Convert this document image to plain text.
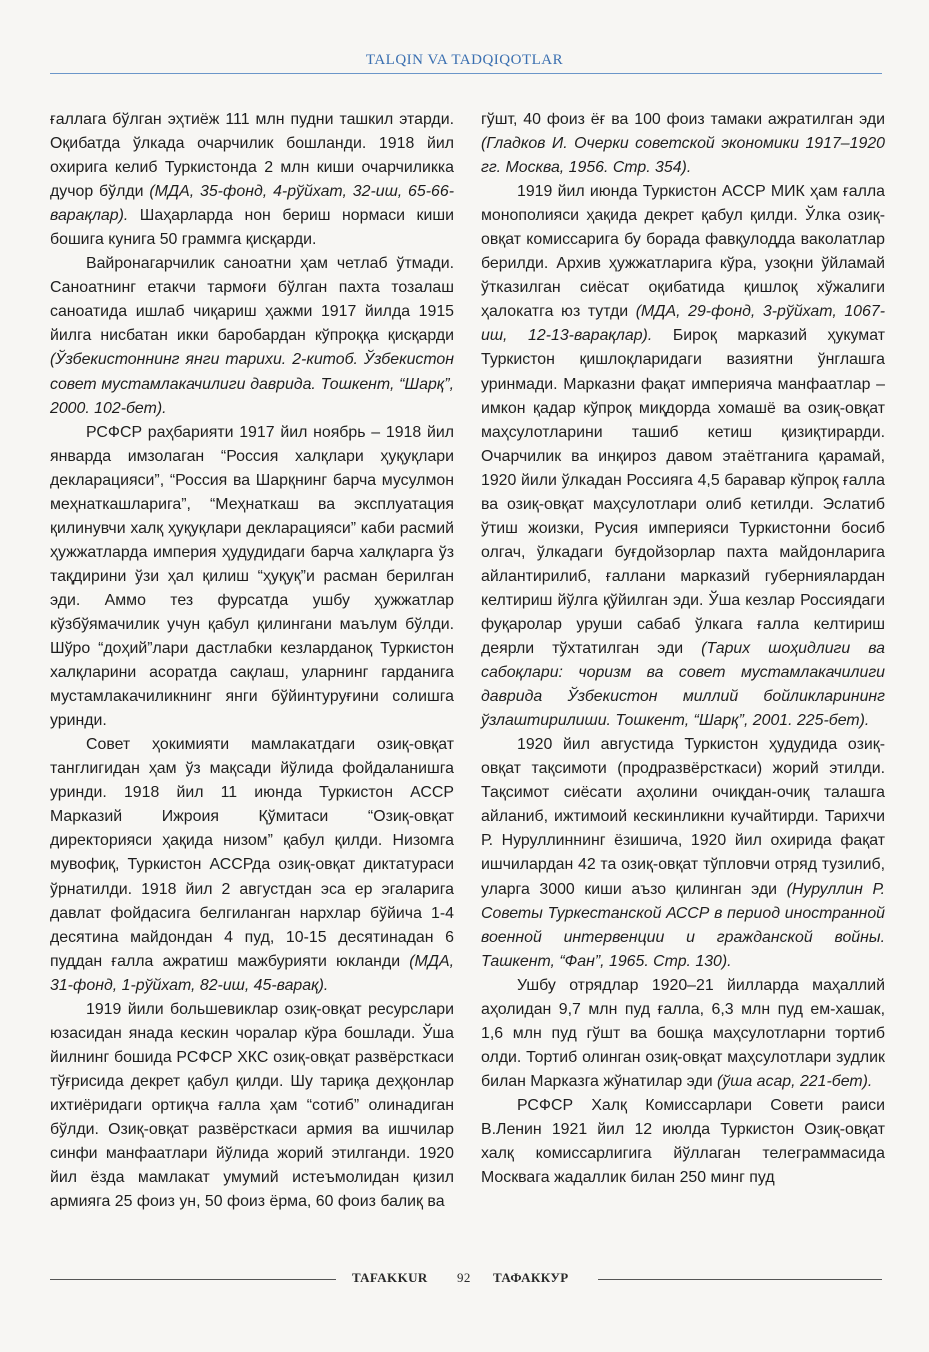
TALQIN VA TADQIQOTLAR

ғаллага бўлган эҳтиёж 111 млн пудни ташкил этарди. Оқибатда ўлкада очарчилик бошланди. 1918 йил охирига келиб Туркистонда 2 млн киши очарчиликка дучор бўлди (МДА, 35-фонд, 4-рўйхат, 32-иш, 65-66-варақлар). Шаҳарларда нон бериш нормаси киши бошига кунига 50 граммга қисқарди.

Вайронагарчилик саноатни ҳам четлаб ўтмади. Саноатнинг етакчи тармоғи бўлган пахта тозалаш саноатида ишлаб чиқариш ҳажми 1917 йилда 1915 йилга нисбатан икки баробардан кўпроққа қисқарди (Ўзбекистоннинг янги тарихи. 2-китоб. Ўзбекистон совет мустамлакачилиги даврида. Тошкент, “Шарқ”, 2000. 102-бет).

РСФСР раҳбарияти 1917 йил ноябрь – 1918 йил январда имзолаган “Россия халқлари ҳуқуқлари декларацияси”, “Россия ва Шарқнинг барча мусулмон меҳнаткашларига”, “Меҳнаткаш ва эксплуатация қилинувчи халқ ҳуқуқлари декларацияси” каби расмий ҳужжатларда империя ҳудудидаги барча халқларга ўз тақдирини ўзи ҳал қилиш “ҳуқуқ”и расман берилган эди. Аммо тез фурсатда ушбу ҳужжатлар кўзбўямачилик учун қабул қилингани маълум бўлди. Шўро “доҳий”лари дастлабки кезларданоқ Туркистон халқларини асоратда сақлаш, уларнинг гарданига мустамлакачиликнинг янги бўйинтуруғини солишга уринди.

Совет ҳокимияти мамлакатдаги озиқ-овқат танглигидан ҳам ўз мақсади йўлида фойдаланишга уринди. 1918 йил 11 июнда Туркистон АССР Марказий Ижроия Қўмитаси “Озиқ-овқат директорияси ҳақида низом” қабул қилди. Низомга мувофиқ, Туркистон АССРда озиқ-овқат диктатураси ўрнатилди. 1918 йил 2 августдан эса ер эгаларига давлат фойдасига белгиланган нархлар бўйича 1-4 десятина майдондан 4 пуд, 10-15 десятинадан 6 пуддан ғалла ажратиш мажбурияти юкланди (МДА, 31-фонд, 1-рўйхат, 82-иш, 45-варақ).

1919 йили большевиклар озиқ-овқат ресурслари юзасидан янада кескин чоралар кўра бошлади. Ўша йилнинг бошида РСФСР ХКС озиқ-овқат развёрсткаси тўғрисида декрет қабул қилди. Шу тариқа деҳқонлар ихтиёридаги ортиқча ғалла ҳам “сотиб” олинадиган бўлди. Озиқ-овқат развёрсткаси армия ва ишчилар синфи манфаатлари йўлида жорий этилганди. 1920 йил ёзда мамлакат умумий истеъмолидан қизил армияга 25 фоиз ун, 50 фоиз ёрма, 60 фоиз балиқ ва

гўшт, 40 фоиз ёғ ва 100 фоиз тамаки ажратилган эди (Гладков И. Очерки советской экономики 1917–1920 гг. Москва, 1956. Стр. 354).

1919 йил июнда Туркистон АССР МИК ҳам ғалла монополияси ҳақида декрет қабул қилди. Ўлка озиқ-овқат комиссарига бу борада фавқулодда ваколатлар берилди. Архив ҳужжатларига кўра, узоқни ўйламай ўтказилган сиёсат оқибатида қишлоқ хўжалиги ҳалокатга юз тутди (МДА, 29-фонд, 3-рўйхат, 1067-иш, 12-13-варақлар). Бироқ марказий ҳукумат Туркистон қишлоқларидаги вазиятни ўнглашга уринмади. Марказни фақат империяча манфаатлар – имкон қадар кўпроқ миқдорда хомашё ва озиқ-овқат маҳсулотларини ташиб кетиш қизиқтирарди. Очарчилик ва инқироз давом этаётганига қарамай, 1920 йили ўлкадан Россияга 4,5 баравар кўпроқ ғалла ва озиқ-овқат маҳсулотлари олиб кетилди. Эслатиб ўтиш жоизки, Русия империяси Туркистонни босиб олгач, ўлкадаги буғдойзорлар пахта майдонларига айлантирилиб, ғаллани марказий губерниялардан келтириш йўлга қўйилган эди. Ўша кезлар Россиядаги фуқаролар уруши сабаб ўлкага ғалла келтириш деярли тўхтатилган эди (Тарих шоҳидлиги ва сабоқлари: чоризм ва совет мустамлакачилиги даврида Ўзбекистон миллий бойликларининг ўзлаштирилиши. Тошкент, “Шарқ”, 2001. 225-бет).

1920 йил августида Туркистон ҳудудида озиқ-овқат тақсимоти (продразвёрсткаси) жорий этилди. Тақсимот сиёсати аҳолини очиқдан-очиқ талашга айланиб, ижтимоий кескинликни кучайтирди. Тарихчи Р. Нуруллиннинг ёзишича, 1920 йил охирида фақат ишчилардан 42 та озиқ-овқат тўпловчи отряд тузилиб, уларга 3000 киши аъзо қилинган эди (Нуруллин Р. Советы Туркестанской АССР в период иностранной военной интервенции и гражданской войны. Ташкент, “Фан”, 1965. Стр. 130).

Ушбу отрядлар 1920–21 йилларда маҳаллий аҳолидан 9,7 млн пуд ғалла, 6,3 млн пуд ем-хашак, 1,6 млн пуд гўшт ва бошқа маҳсулотларни тортиб олди. Тортиб олинган озиқ-овқат маҳсулотлари зудлик билан Марказга жўнатилар эди (ўша асар, 221-бет).

РСФСР Халқ Комиссарлари Совети раиси В.Ленин 1921 йил 12 июлда Туркистон Озиқ-овқат халқ комиссарлигига йўллаган телеграммасида Москвага жадаллик билан 250 минг пуд

TAFAKKUR 92 ТАФАККУР
